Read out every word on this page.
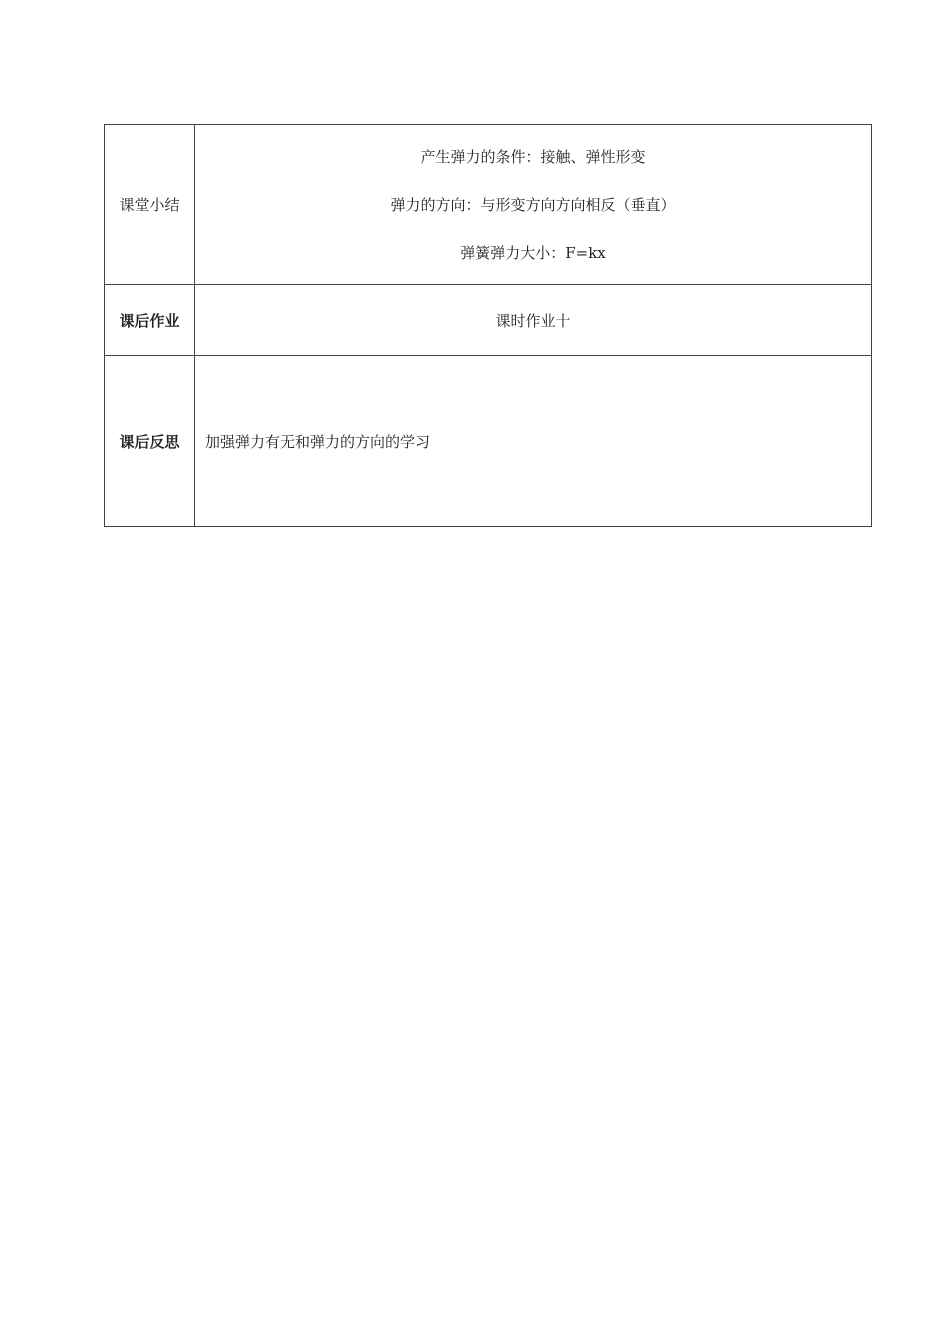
课堂小结	产生弹力的条件：接触、弹性形变
弹力的方向：与形变方向方向相反（垂直）
弹簧弹力大小：F=kx

课后作业	课时作业十
课后反思	加强弹力有无和弹力的方向的学习
